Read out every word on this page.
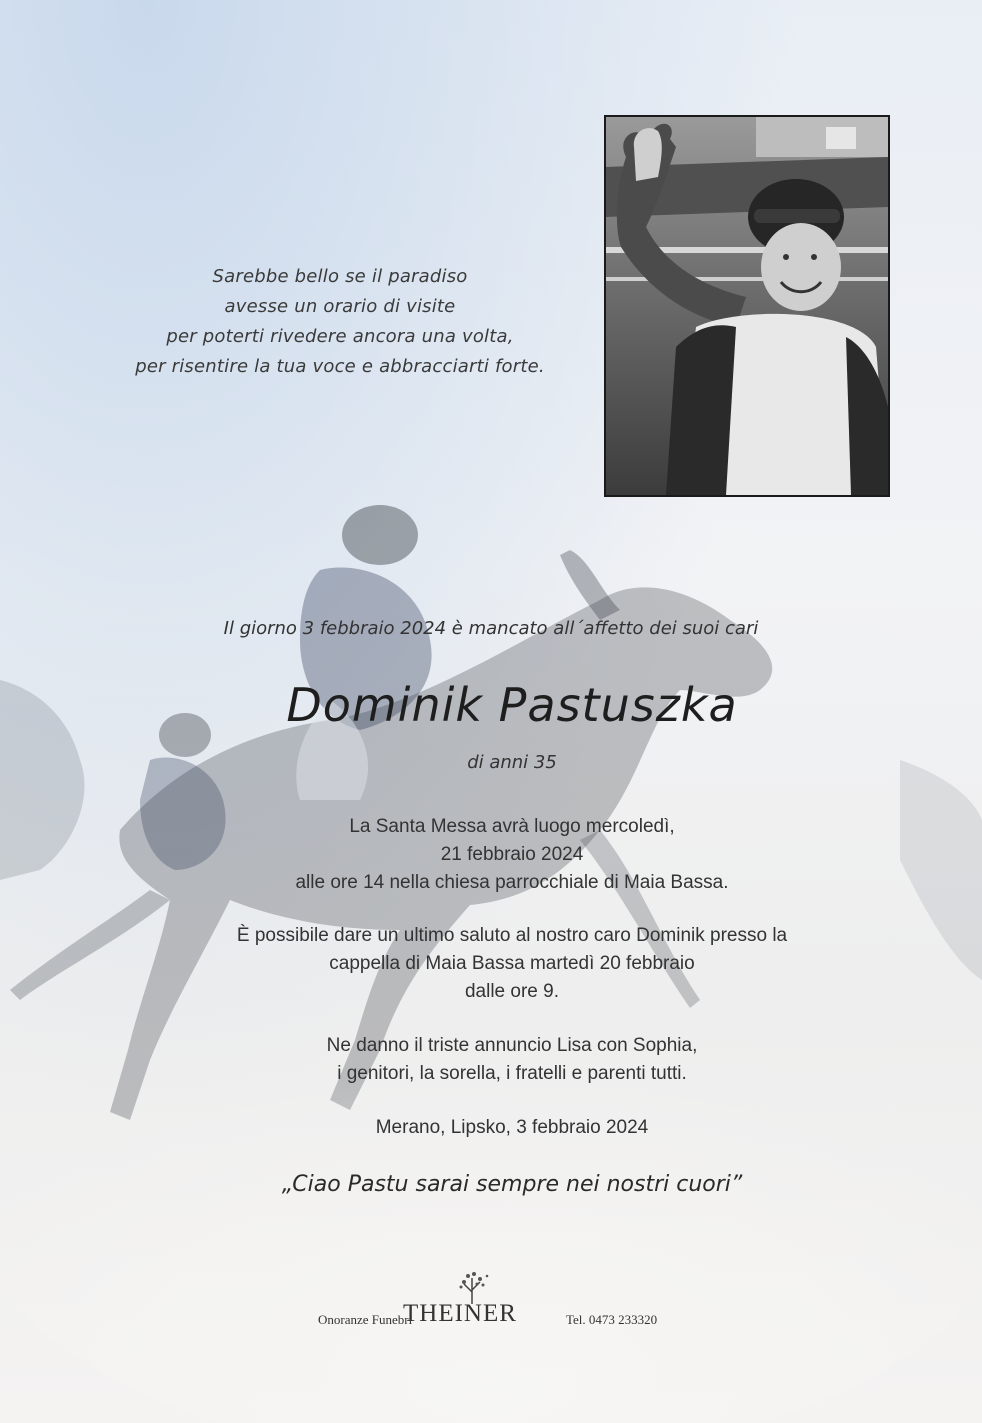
Sarebbe bello se il paradiso
avesse un orario di visite
per poterti rivedere ancora una volta,
per risentire la tua voce e abbracciarti forte.
Il giorno 3 febbraio 2024 è mancato all´affetto dei suoi cari
Dominik Pastuszka
di anni 35
La Santa Messa avrà luogo mercoledì,
21 febbraio 2024
alle ore 14 nella chiesa parrocchiale di Maia Bassa.
È possibile dare un ultimo saluto al nostro caro Dominik presso la
cappella di Maia Bassa martedì 20 febbraio
dalle ore 9.
Ne danno il triste annuncio Lisa con Sophia,
i genitori, la sorella, i fratelli e parenti tutti.
Merano, Lipsko, 3 febbraio 2024
„Ciao Pastu sarai sempre nei nostri cuori”
Onoranze Funebri
THEINER	Tel. 0473 233320
